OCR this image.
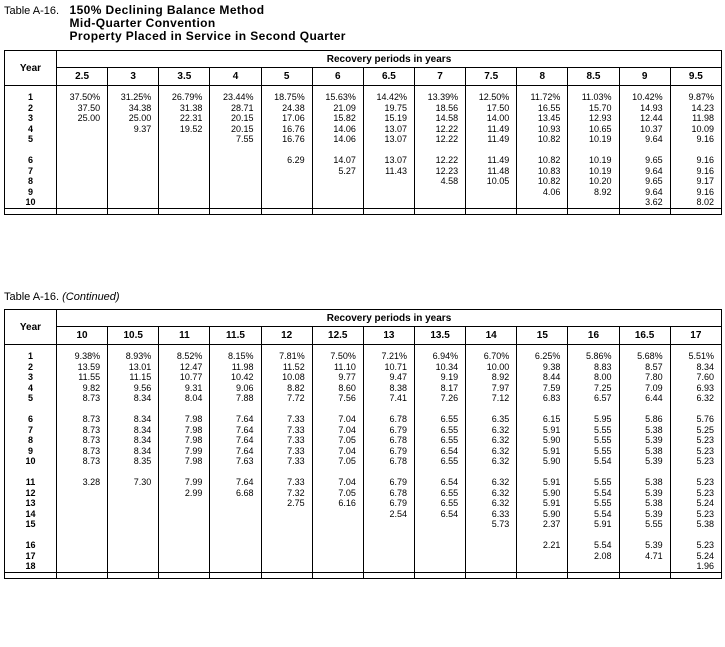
Table A-16. 150% Declining Balance Method
Mid-Quarter Convention
Property Placed in Service in Second Quarter
Year	Recovery periods in years												
	2.5	3	3.5	4	5	6	6.5	7	7.5	8	8.5	9	9.5

1	37.50%	31.25%	26.79%	23.44%	18.75%	15.63%	14.42%	13.39%	12.50%	11.72%	11.03%	10.42%	9.87%
2	37.50	34.38	31.38	28.71	24.38	21.09	19.75	18.56	17.50	16.55	15.70	14.93	14.23
3	25.00	25.00	22.31	20.15	17.06	15.82	15.19	14.58	14.00	13.45	12.93	12.44	11.98
4		9.37	19.52	20.15	16.76	14.06	13.07	12.22	11.49	10.93	10.65	10.37	10.09
5				7.55	16.76	14.06	13.07	12.22	11.49	10.82	10.19	9.64	9.16

6					6.29	14.07	13.07	12.22	11.49	10.82	10.19	9.65	9.16
7						5.27	11.43	12.23	11.48	10.83	10.19	9.64	9.16
8								4.58	10.05	10.82	10.20	9.65	9.17
9										4.06	8.92	9.64	9.16
10												3.62	8.02

Table A-16. (Continued)
Year	Recovery periods in years												
	10	10.5	11	11.5	12	12.5	13	13.5	14	15	16	16.5	17

1	9.38%	8.93%	8.52%	8.15%	7.81%	7.50%	7.21%	6.94%	6.70%	6.25%	5.86%	5.68%	5.51%
2	13.59	13.01	12.47	11.98	11.52	11.10	10.71	10.34	10.00	9.38	8.83	8.57	8.34
3	11.55	11.15	10.77	10.42	10.08	9.77	9.47	9.19	8.92	8.44	8.00	7.80	7.60
4	9.82	9.56	9.31	9.06	8.82	8.60	8.38	8.17	7.97	7.59	7.25	7.09	6.93
5	8.73	8.34	8.04	7.88	7.72	7.56	7.41	7.26	7.12	6.83	6.57	6.44	6.32

6	8.73	8.34	7.98	7.64	7.33	7.04	6.78	6.55	6.35	6.15	5.95	5.86	5.76
7	8.73	8.34	7.98	7.64	7.33	7.04	6.79	6.55	6.32	5.91	5.55	5.38	5.25
8	8.73	8.34	7.98	7.64	7.33	7.05	6.78	6.55	6.32	5.90	5.55	5.39	5.23
9	8.73	8.34	7.99	7.64	7.33	7.04	6.79	6.54	6.32	5.91	5.55	5.38	5.23
10	8.73	8.35	7.98	7.63	7.33	7.05	6.78	6.55	6.32	5.90	5.54	5.39	5.23

11	3.28	7.30	7.99	7.64	7.33	7.04	6.79	6.54	6.32	5.91	5.55	5.38	5.23
12			2.99	6.68	7.32	7.05	6.78	6.55	6.32	5.90	5.54	5.39	5.23
13					2.75	6.16	6.79	6.55	6.32	5.91	5.55	5.38	5.24
14							2.54	6.54	6.33	5.90	5.54	5.39	5.23
15									5.73	2.37	5.91	5.55	5.38

16										2.21	5.54	5.39	5.23
17											2.08	4.71	5.24
18													1.96
